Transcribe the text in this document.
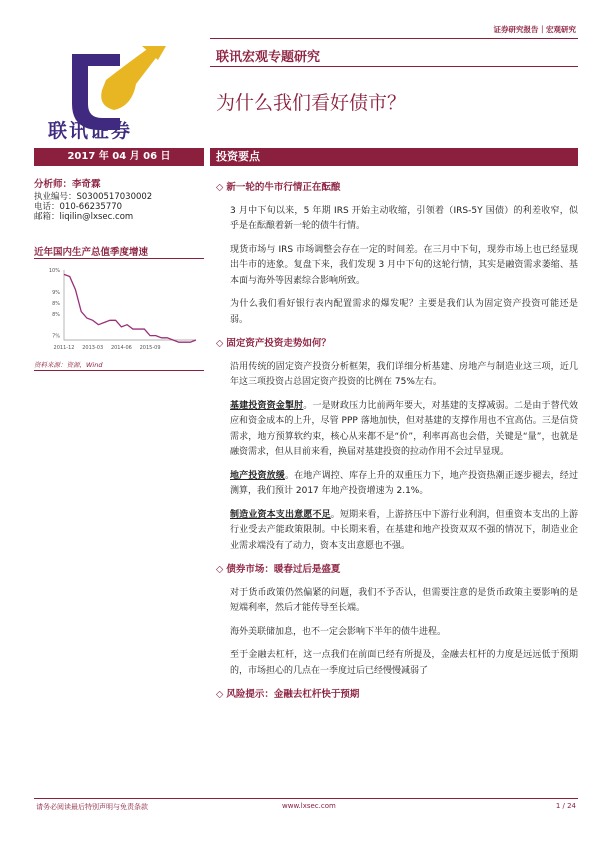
证券研究报告｜宏观研究
联讯证券
联讯宏观专题研究
为什么我们看好债市？
2017 年 04 月 06 日	投资要点
分析师：李奇霖
执业编号：S0300517030002
电话：010-66235770
邮箱：liqilin@lxsec.com
近年国内生产总值季度增速
7%
8%
8%
9%
10%
2011-12 2013-03 2014-06 2015-09
资料来源：资源，Wind
◇ 新一轮的牛市行情正在酝酿
3 月中下旬以来，5 年期 IRS 开始主动收缩，引领着（IRS-5Y 国债）的利差收窄，似乎是在酝酿着新一轮的债牛行情。
现货市场与 IRS 市场调整会存在一定的时间差。在三月中下旬，现券市场上也已经显现出牛市的迹象。复盘下来，我们发现 3 月中下旬的这轮行情，其实是融资需求萎缩、基本面与海外等因素综合影响所致。
为什么我们看好银行表内配置需求的爆发呢？主要是我们认为固定资产投资可能还是弱。
◇ 固定资产投资走势如何？
沿用传统的固定资产投资分析框架，我们详细分析基建、房地产与制造业这三项，近几年这三项投资占总固定资产投资的比例在 75%左右。
基建投资资金掣肘。一是财政压力比前两年要大，对基建的支撑减弱。二是由于替代效应和资金成本的上升，尽管 PPP 落地加快，但对基建的支撑作用也不宜高估。三是信贷需求，地方预算软约束，核心从来都不是“价”，利率再高也会借，关键是“量”，也就是融资需求，但从目前来看，换届对基建投资的拉动作用不会过早显现。
地产投资放缓。在地产调控、库存上升的双重压力下，地产投资热潮正逐步褪去，经过测算，我们预计 2017 年地产投资增速为 2.1%。
制造业资本支出意愿不足。短期来看，上游挤压中下游行业利润，但重资本支出的上游行业受去产能政策限制。中长期来看，在基建和地产投资双双不强的情况下，制造业企业需求端没有了动力，资本支出意愿也不强。
◇ 债券市场：暖春过后是盛夏
对于货币政策仍然偏紧的问题，我们不予否认，但需要注意的是货币政策主要影响的是短端利率，然后才能传导至长端。
海外美联储加息，也不一定会影响下半年的债牛进程。
至于金融去杠杆，这一点我们在前面已经有所提及，金融去杠杆的力度是远远低于预期的，市场担心的几点在一季度过后已经慢慢减弱了
◇ 风险提示：金融去杠杆快于预期
请务必阅读最后特别声明与免责条款	www.lxsec.com	1 / 24
